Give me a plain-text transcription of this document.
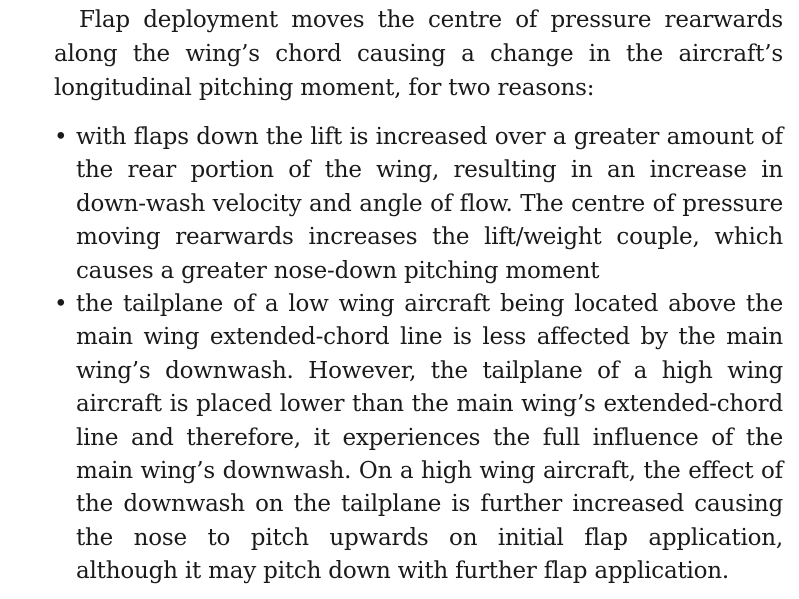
Flap deployment moves the centre of pressure rearwards along the wing’s chord causing a change in the aircraft’s longitudinal pitching moment, for two reasons:

• with flaps down the lift is increased over a greater amount of the rear portion of the wing, resulting in an increase in down-wash velocity and angle of flow. The centre of pressure moving rearwards increases the lift/weight couple, which causes a greater nose-down pitching moment
• the tailplane of a low wing aircraft being located above the main wing extended-chord line is less affected by the main wing’s downwash. However, the tailplane of a high wing aircraft is placed lower than the main wing’s extended-chord line and therefore, it experiences the full influence of the main wing’s downwash. On a high wing aircraft, the effect of the downwash on the tailplane is further increased causing the nose to pitch upwards on initial flap application, although it may pitch down with further flap application.
